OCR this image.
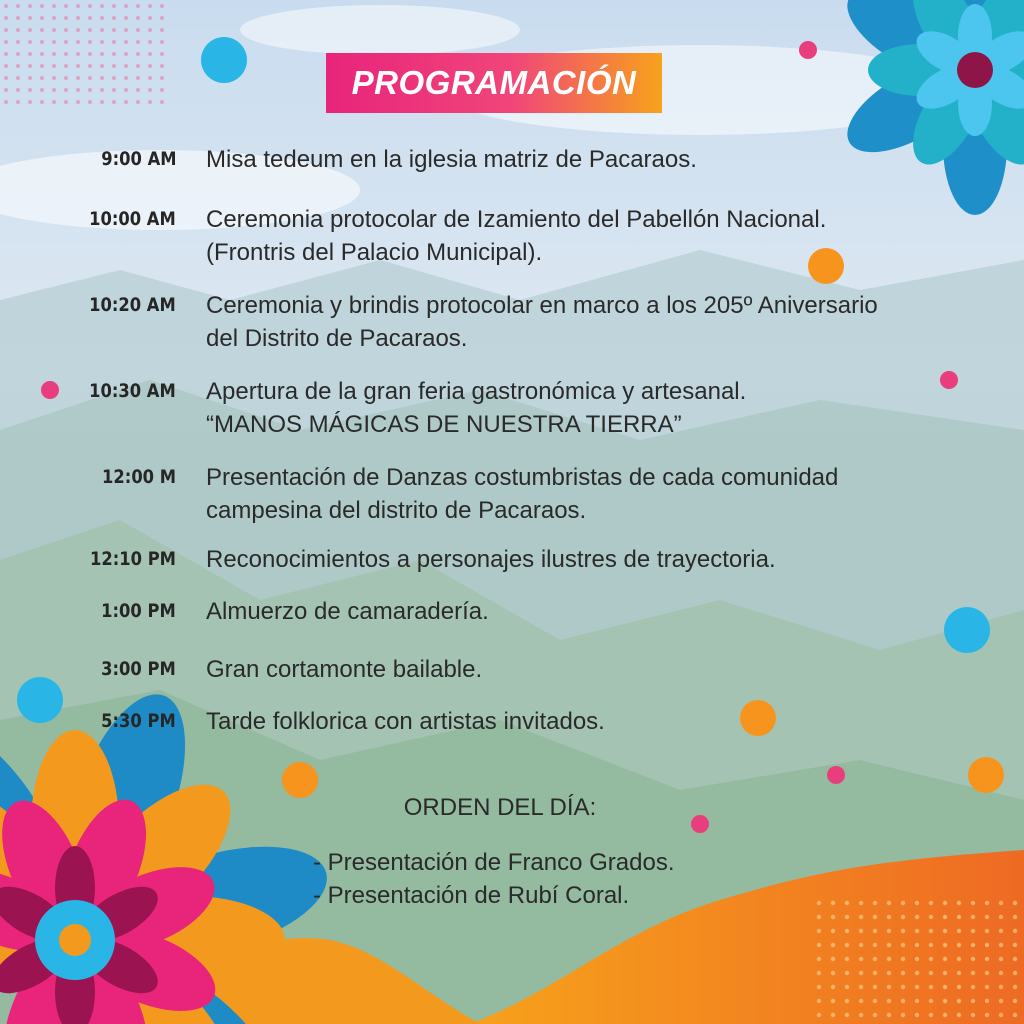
PROGRAMACIÓN
9:00 AM Misa tedeum en la iglesia matriz de Pacaraos.
10:00 AM Ceremonia protocolar de Izamiento del Pabellón Nacional.
(Frontris del Palacio Municipal).
10:20 AM Ceremonia y brindis protocolar en marco a los 205º Aniversario
del Distrito de Pacaraos.
10:30 AM Apertura de la gran feria gastronómica y artesanal.
“MANOS MÁGICAS DE NUESTRA TIERRA”
12:00 M Presentación de Danzas costumbristas de cada comunidad
campesina del distrito de Pacaraos.
12:10 PM Reconocimientos a personajes ilustres de trayectoria.
1:00 PM Almuerzo de camaradería.
3:00 PM Gran cortamonte bailable.
5:30 PM Tarde folklorica con artistas invitados.
ORDEN DEL DÍA:
- Presentación de Franco Grados.
- Presentación de Rubí Coral.
